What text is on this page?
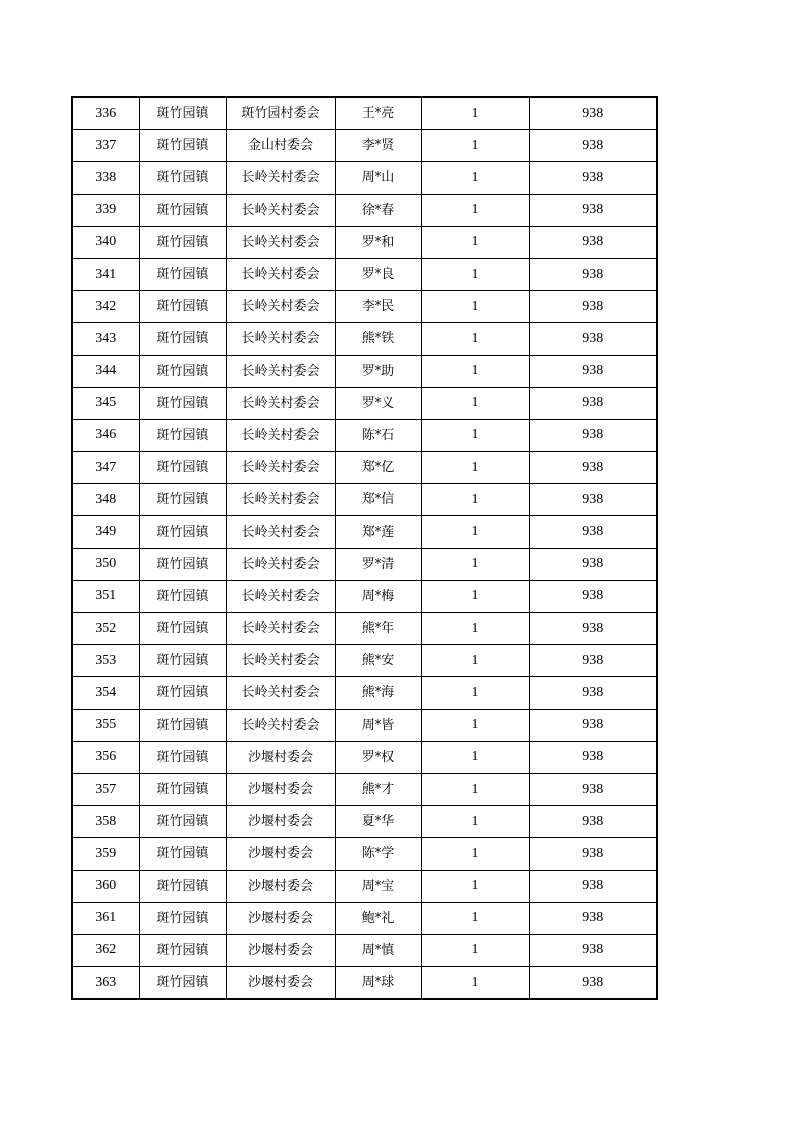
336	斑竹园镇	斑竹园村委会	王*亮	1	938
337	斑竹园镇	金山村委会	李*贤	1	938
338	斑竹园镇	长岭关村委会	周*山	1	938
339	斑竹园镇	长岭关村委会	徐*春	1	938
340	斑竹园镇	长岭关村委会	罗*和	1	938
341	斑竹园镇	长岭关村委会	罗*良	1	938
342	斑竹园镇	长岭关村委会	李*民	1	938
343	斑竹园镇	长岭关村委会	熊*铁	1	938
344	斑竹园镇	长岭关村委会	罗*助	1	938
345	斑竹园镇	长岭关村委会	罗*义	1	938
346	斑竹园镇	长岭关村委会	陈*石	1	938
347	斑竹园镇	长岭关村委会	郑*亿	1	938
348	斑竹园镇	长岭关村委会	郑*信	1	938
349	斑竹园镇	长岭关村委会	郑*莲	1	938
350	斑竹园镇	长岭关村委会	罗*清	1	938
351	斑竹园镇	长岭关村委会	周*梅	1	938
352	斑竹园镇	长岭关村委会	熊*年	1	938
353	斑竹园镇	长岭关村委会	熊*安	1	938
354	斑竹园镇	长岭关村委会	熊*海	1	938
355	斑竹园镇	长岭关村委会	周*皆	1	938
356	斑竹园镇	沙堰村委会	罗*权	1	938
357	斑竹园镇	沙堰村委会	熊*才	1	938
358	斑竹园镇	沙堰村委会	夏*华	1	938
359	斑竹园镇	沙堰村委会	陈*学	1	938
360	斑竹园镇	沙堰村委会	周*宝	1	938
361	斑竹园镇	沙堰村委会	鲍*礼	1	938
362	斑竹园镇	沙堰村委会	周*慎	1	938
363	斑竹园镇	沙堰村委会	周*球	1	938
